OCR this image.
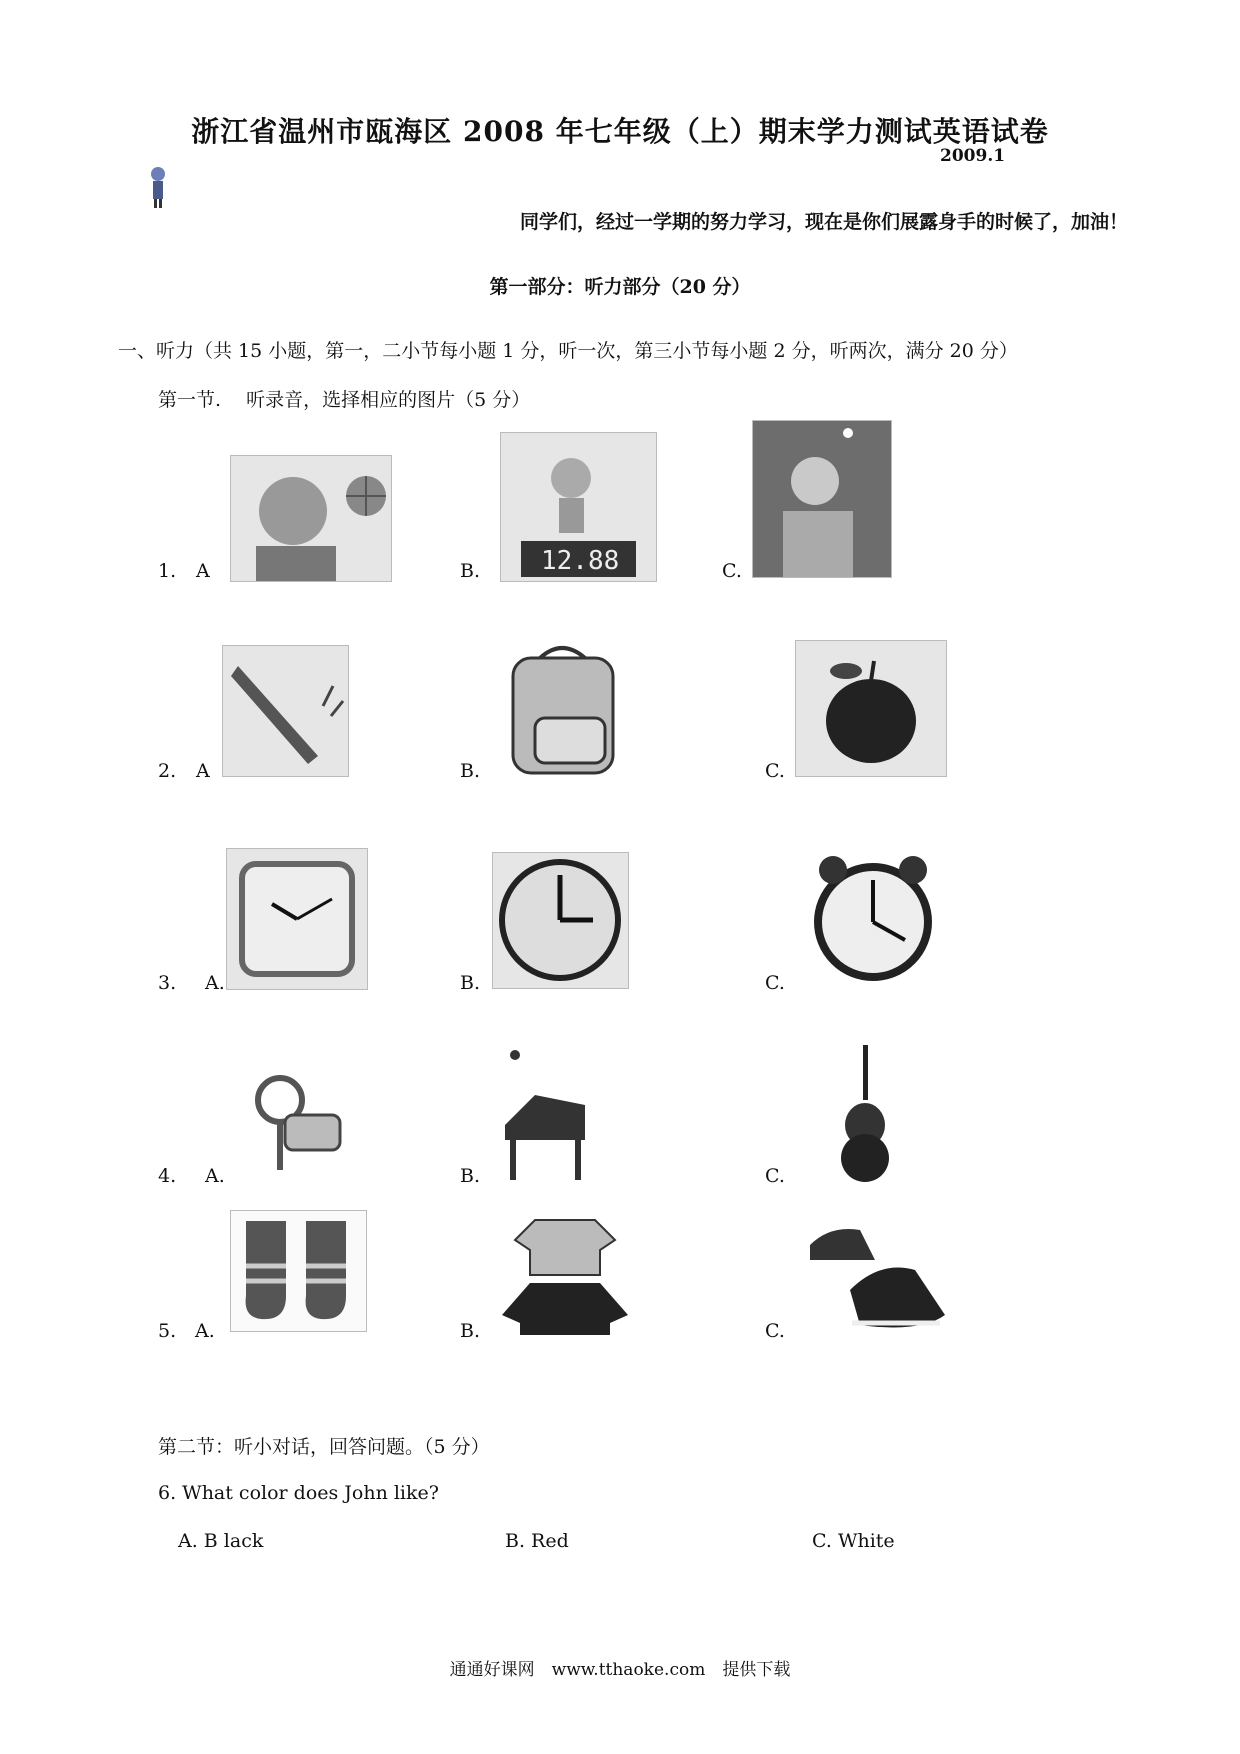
浙江省温州市瓯海区 2008 年七年级（上）期末学力测试英语试卷
2009.1
同学们，经过一学期的努力学习，现在是你们展露身手的时候了，加油！
第一部分：听力部分（20 分）
一、听力（共 15 小题，第一，二小节每小题 1 分，听一次，第三小节每小题 2 分，听两次，满分 20 分）
第一节.　 听录音，选择相应的图片（5 分）
1. A	B. 12.88	C.
2. A	B.	C.
3. A.	B.	C.
4. A.	B.	C.
5. A.	B.	C.
第二节：听小对话，回答问题。（5 分）
6. What color does John like?
A. B lack	B. Red	C. White
通通好课网　www.tthaoke.com　提供下载
